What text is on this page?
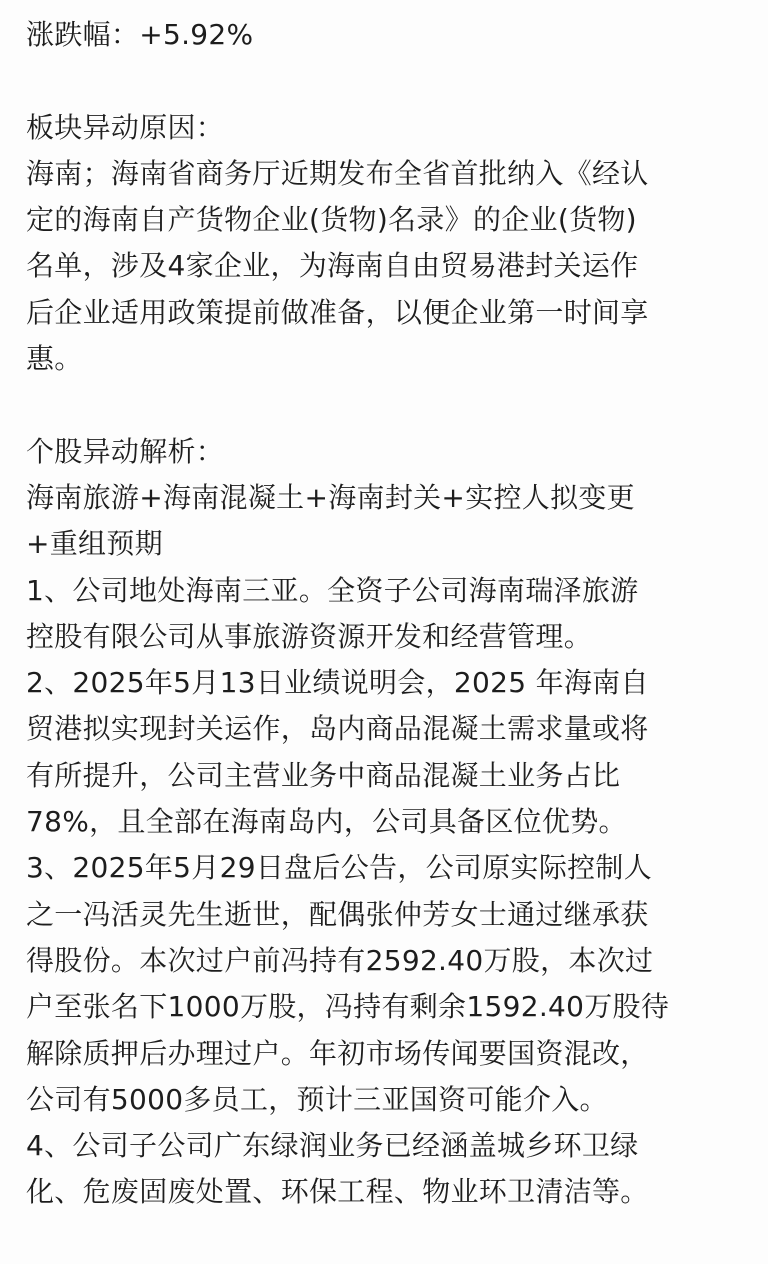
涨跌幅：+5.92%
板块异动原因：
海南；海南省商务厅近期发布全省首批纳入《经认
定的海南自产货物企业(货物)名录》的企业(货物)
名单，涉及4家企业，为海南自由贸易港封关运作
后企业适用政策提前做准备，以便企业第一时间享
惠。
个股异动解析：
海南旅游+海南混凝土+海南封关+实控人拟变更
+重组预期
1、公司地处海南三亚。全资子公司海南瑞泽旅游
控股有限公司从事旅游资源开发和经营管理。
2、2025年5月13日业绩说明会，2025 年海南自
贸港拟实现封关运作，岛内商品混凝土需求量或将
有所提升，公司主营业务中商品混凝土业务占比
78%，且全部在海南岛内，公司具备区位优势。
3、2025年5月29日盘后公告，公司原实际控制人
之一冯活灵先生逝世，配偶张仲芳女士通过继承获
得股份。本次过户前冯持有2592.40万股，本次过
户至张名下1000万股，冯持有剩余1592.40万股待
解除质押后办理过户。年初市场传闻要国资混改，
公司有5000多员工，预计三亚国资可能介入。
4、公司子公司广东绿润业务已经涵盖城乡环卫绿
化、危废固废处置、环保工程、物业环卫清洁等。
